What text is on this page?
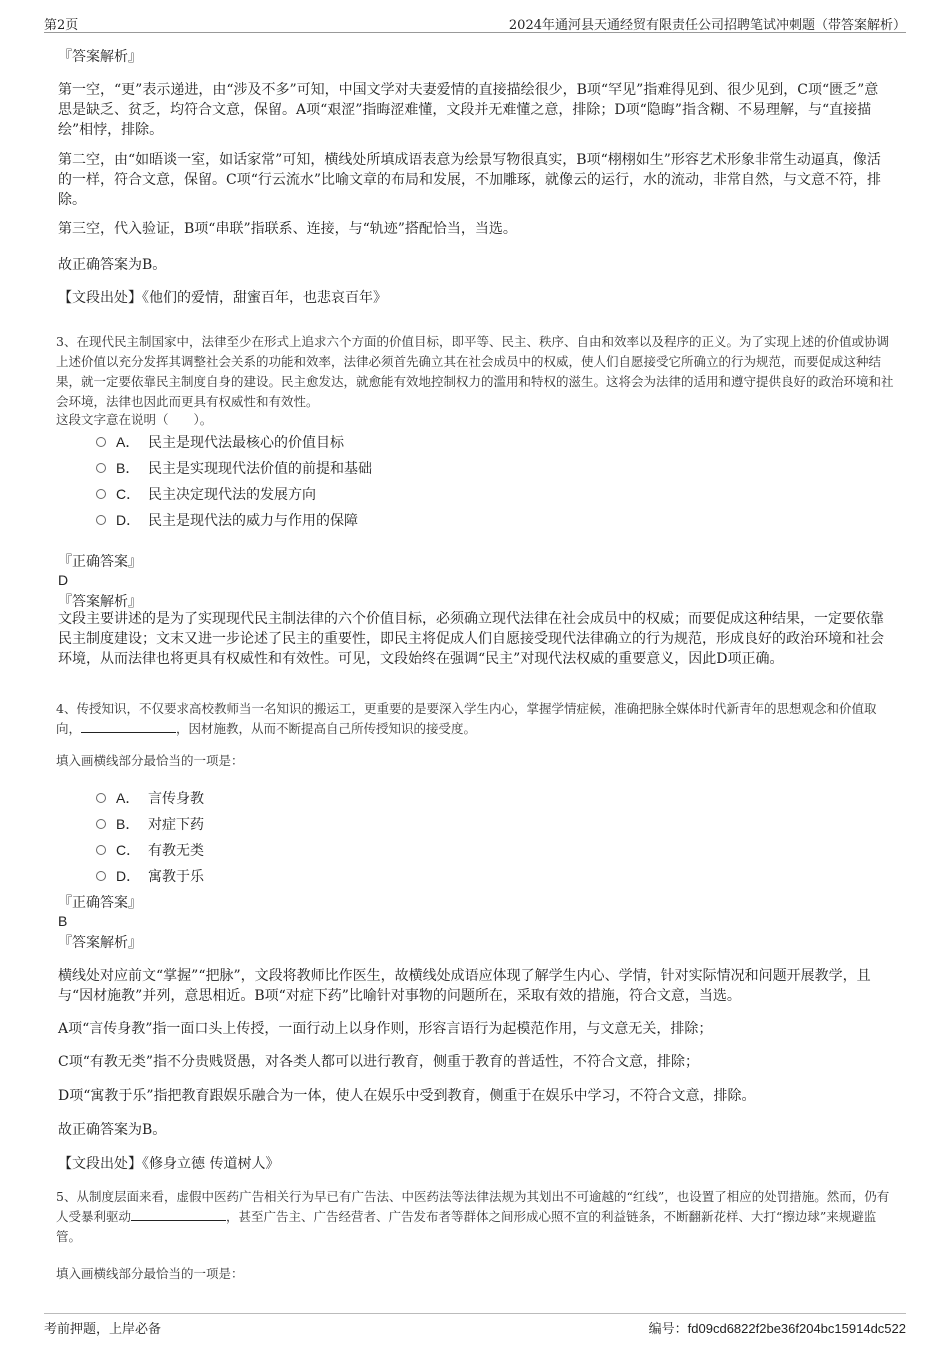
第2页	2024年通河县天通经贸有限责任公司招聘笔试冲刺题（带答案解析）
『答案解析』
第一空，“更”表示递进，由“涉及不多”可知，中国文学对夫妻爱情的直接描绘很少，B项“罕见”指难得见到、很少见到，C项“匮乏”意思是缺乏、贫乏，均符合文意，保留。A项“艰涩”指晦涩难懂，文段并无难懂之意，排除；D项“隐晦”指含糊、不易理解，与“直接描绘”相悖，排除。
第二空，由“如晤谈一室，如话家常”可知，横线处所填成语表意为绘景写物很真实，B项“栩栩如生”形容艺术形象非常生动逼真，像活的一样，符合文意，保留。C项“行云流水”比喻文章的布局和发展，不加雕琢，就像云的运行，水的流动，非常自然，与文意不符，排除。
第三空，代入验证，B项“串联”指联系、连接，与“轨迹”搭配恰当，当选。
故正确答案为B。
【文段出处】《他们的爱情，甜蜜百年，也悲哀百年》
3、在现代民主制国家中，法律至少在形式上追求六个方面的价值目标，即平等、民主、秩序、自由和效率以及程序的正义。为了实现上述的价值或协调上述价值以充分发挥其调整社会关系的功能和效率，法律必须首先确立其在社会成员中的权威，使人们自愿接受它所确立的行为规范，而要促成这种结果，就一定要依靠民主制度自身的建设。民主愈发达，就愈能有效地控制权力的滥用和特权的滋生。这将会为法律的适用和遵守提供良好的政治环境和社会环境，法律也因此而更具有权威性和有效性。
这段文字意在说明（　　）。
A． 民主是现代法最核心的价值目标
B． 民主是实现现代法价值的前提和基础
C． 民主决定现代法的发展方向
D． 民主是现代法的威力与作用的保障
『正确答案』
D
『答案解析』
文段主要讲述的是为了实现现代民主制法律的六个价值目标，必须确立现代法律在社会成员中的权威；而要促成这种结果，一定要依靠民主制度建设；文末又进一步论述了民主的重要性，即民主将促成人们自愿接受现代法律确立的行为规范，形成良好的政治环境和社会环境，从而法律也将更具有权威性和有效性。可见，文段始终在强调“民主”对现代法权威的重要意义，因此D项正确。
4、传授知识，不仅要求高校教师当一名知识的搬运工，更重要的是要深入学生内心，掌握学情症候，准确把脉全媒体时代新青年的思想观念和价值取向，	，因材施教，从而不断提高自己所传授知识的接受度。
填入画横线部分最恰当的一项是：
A． 言传身教
B． 对症下药
C． 有教无类
D． 寓教于乐
『正确答案』
B
『答案解析』
横线处对应前文“掌握”“把脉”，文段将教师比作医生，故横线处成语应体现了解学生内心、学情，针对实际情况和问题开展教学，且与“因材施教”并列，意思相近。B项“对症下药”比喻针对事物的问题所在，采取有效的措施，符合文意，当选。
A项“言传身教”指一面口头上传授，一面行动上以身作则，形容言语行为起模范作用，与文意无关，排除；
C项“有教无类”指不分贵贱贤愚，对各类人都可以进行教育，侧重于教育的普适性，不符合文意，排除；
D项“寓教于乐”指把教育跟娱乐融合为一体，使人在娱乐中受到教育，侧重于在娱乐中学习，不符合文意，排除。
故正确答案为B。
【文段出处】《修身立德 传道树人》
5、从制度层面来看，虚假中医药广告相关行为早已有广告法、中医药法等法律法规为其划出不可逾越的“红线”，也设置了相应的处罚措施。然而，仍有人受暴利驱动	，甚至广告主、广告经营者、广告发布者等群体之间形成心照不宣的利益链条，不断翻新花样、大打“擦边球”来规避监管。
填入画横线部分最恰当的一项是：
考前押题，上岸必备	编号：fd09cd6822f2be36f204bc15914dc522
